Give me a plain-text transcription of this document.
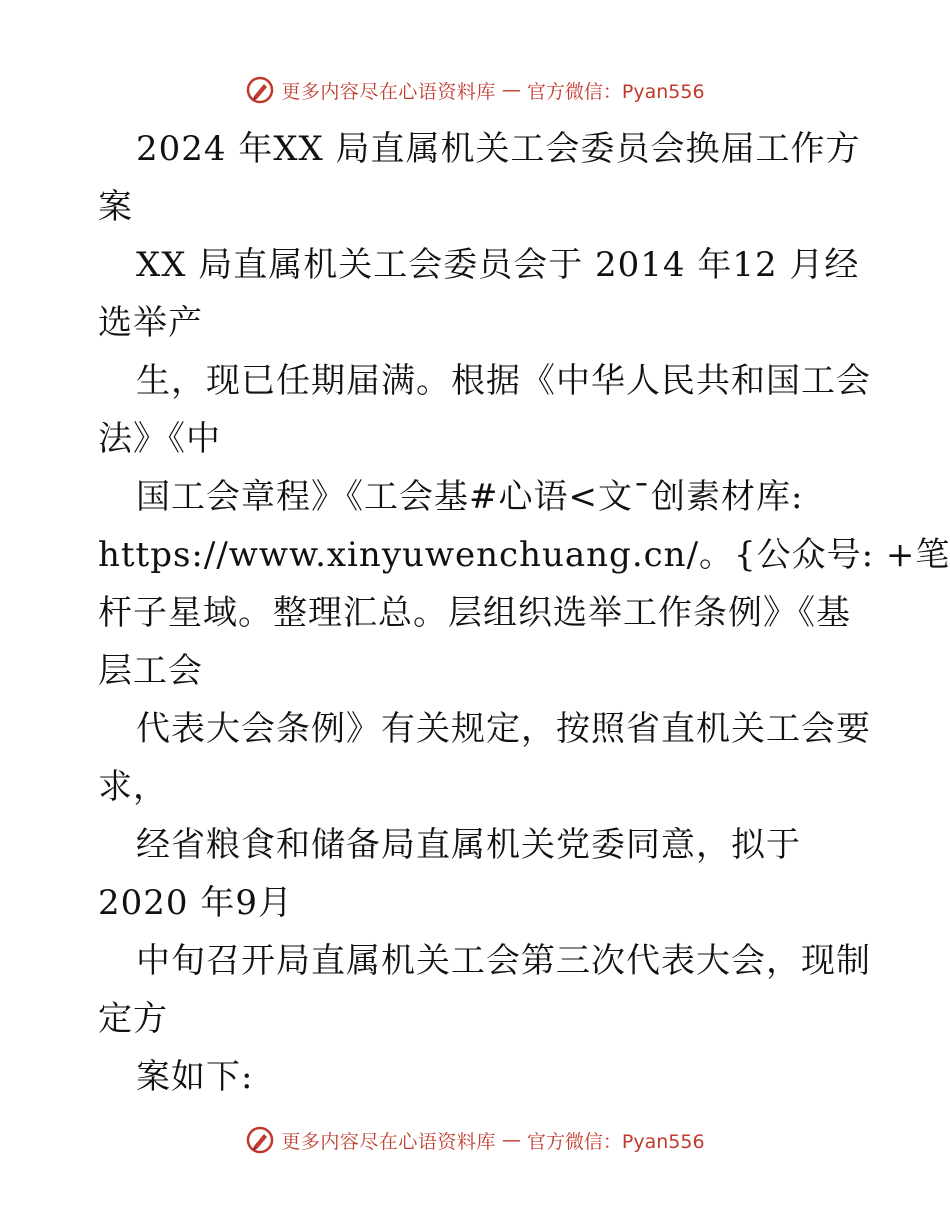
更多内容尽在心语资料库 — 官方微信：Pyan556
2024 年XX 局直属机关工会委员会换届工作方
案
XX 局直属机关工会委员会于 2014 年12 月经
选举产
生，现已任期届满。根据《中华人民共和国工会
法》《中
国工会章程》《工会基#心语<文¯创素材库:
https://www.xinyuwenchuang.cn/。{公众号: +笔
杆子星域。整理汇总。层组织选举工作条例》《基
层工会
代表大会条例》有关规定，按照省直机关工会要
求，
经省粮食和储备局直属机关党委同意，拟于
2020 年9月
中旬召开局直属机关工会第三次代表大会，现制
定方
案如下:
更多内容尽在心语资料库 — 官方微信：Pyan556
